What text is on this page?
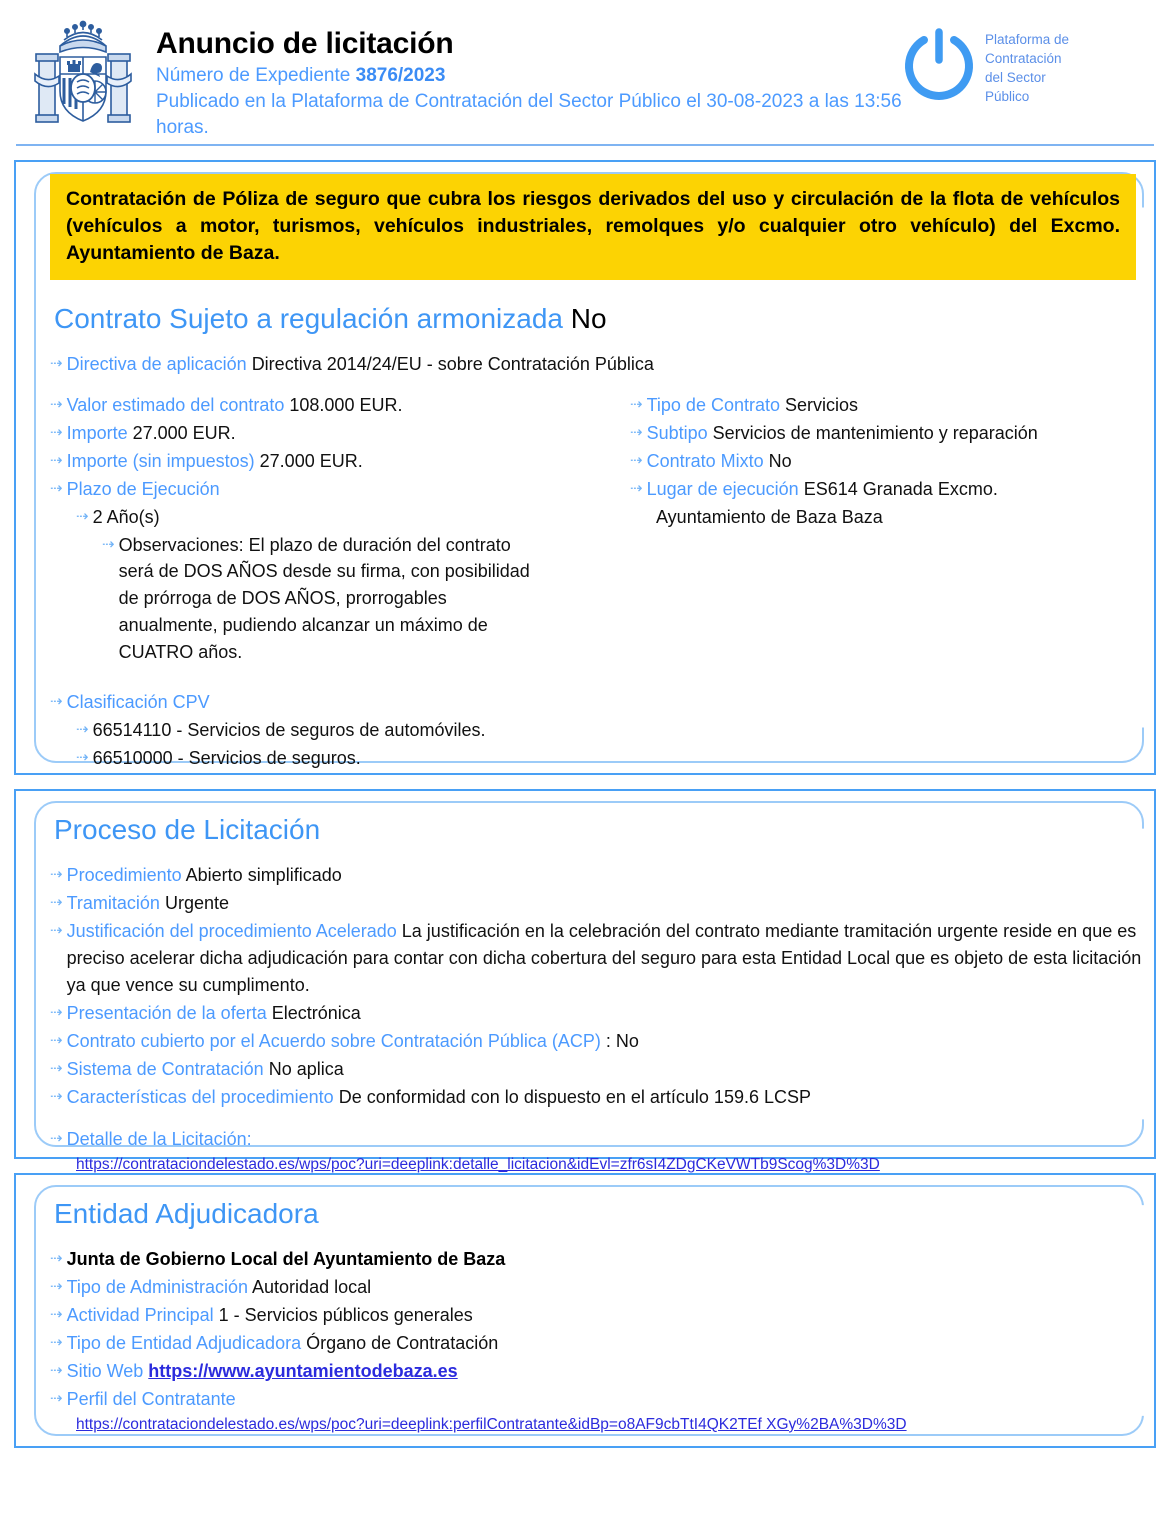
Anuncio de licitación
Número de Expediente 3876/2023
Publicado en la Plataforma de Contratación del Sector Público el 30-08-2023 a las 13:56 horas.
Plataforma de
Contratación
del Sector
Público
Contratación de Póliza de seguro que cubra los riesgos derivados del uso y circulación de la flota de vehículos (vehículos a motor, turismos, vehículos industriales, remolques y/o cualquier otro vehículo) del Excmo. Ayuntamiento de Baza.
Contrato Sujeto a regulación armonizada No
⇢ Directiva de aplicación Directiva 2014/24/EU - sobre Contratación Pública
⇢ Valor estimado del contrato 108.000 EUR.
⇢ Importe 27.000 EUR.
⇢ Importe (sin impuestos) 27.000 EUR.
⇢ Plazo de Ejecución
⇢ 2 Año(s)
⇢ Observaciones: El plazo de duración del contrato será de DOS AÑOS desde su firma, con posibilidad de prórroga de DOS AÑOS, prorrogables anualmente, pudiendo alcanzar un máximo de CUATRO años.
⇢ Clasificación CPV
⇢ 66514110 - Servicios de seguros de automóviles.
⇢ 66510000 - Servicios de seguros.
⇢ Tipo de Contrato Servicios
⇢ Subtipo Servicios de mantenimiento y reparación
⇢ Contrato Mixto No
⇢ Lugar de ejecución ES614 Granada Excmo.
Ayuntamiento de Baza Baza
Proceso de Licitación
⇢ Procedimiento Abierto simplificado
⇢ Tramitación Urgente
⇢ Justificación del procedimiento Acelerado La justificación en la celebración del contrato mediante tramitación urgente reside en que es preciso acelerar dicha adjudicación para contar con dicha cobertura del seguro para esta Entidad Local que es objeto de esta licitación ya que vence su cumplimento.
⇢ Presentación de la oferta Electrónica
⇢ Contrato cubierto por el Acuerdo sobre Contratación Pública (ACP) : No
⇢ Sistema de Contratación No aplica
⇢ Características del procedimiento De conformidad con lo dispuesto en el artículo 159.6 LCSP
⇢ Detalle de la Licitación:
https://contrataciondelestado.es/wps/poc?uri=deeplink:detalle_licitacion&idEvl=zfr6sI4ZDgCKeVWTb9Scog%3D%3D
Entidad Adjudicadora
⇢ Junta de Gobierno Local del Ayuntamiento de Baza
⇢ Tipo de Administración Autoridad local
⇢ Actividad Principal 1 - Servicios públicos generales
⇢ Tipo de Entidad Adjudicadora Órgano de Contratación
⇢ Sitio Web https://www.ayuntamientodebaza.es
⇢ Perfil del Contratante
https://contrataciondelestado.es/wps/poc?uri=deeplink:perfilContratante&idBp=o8AF9cbTtI4QK2TEf XGy%2BA%3D%3D
